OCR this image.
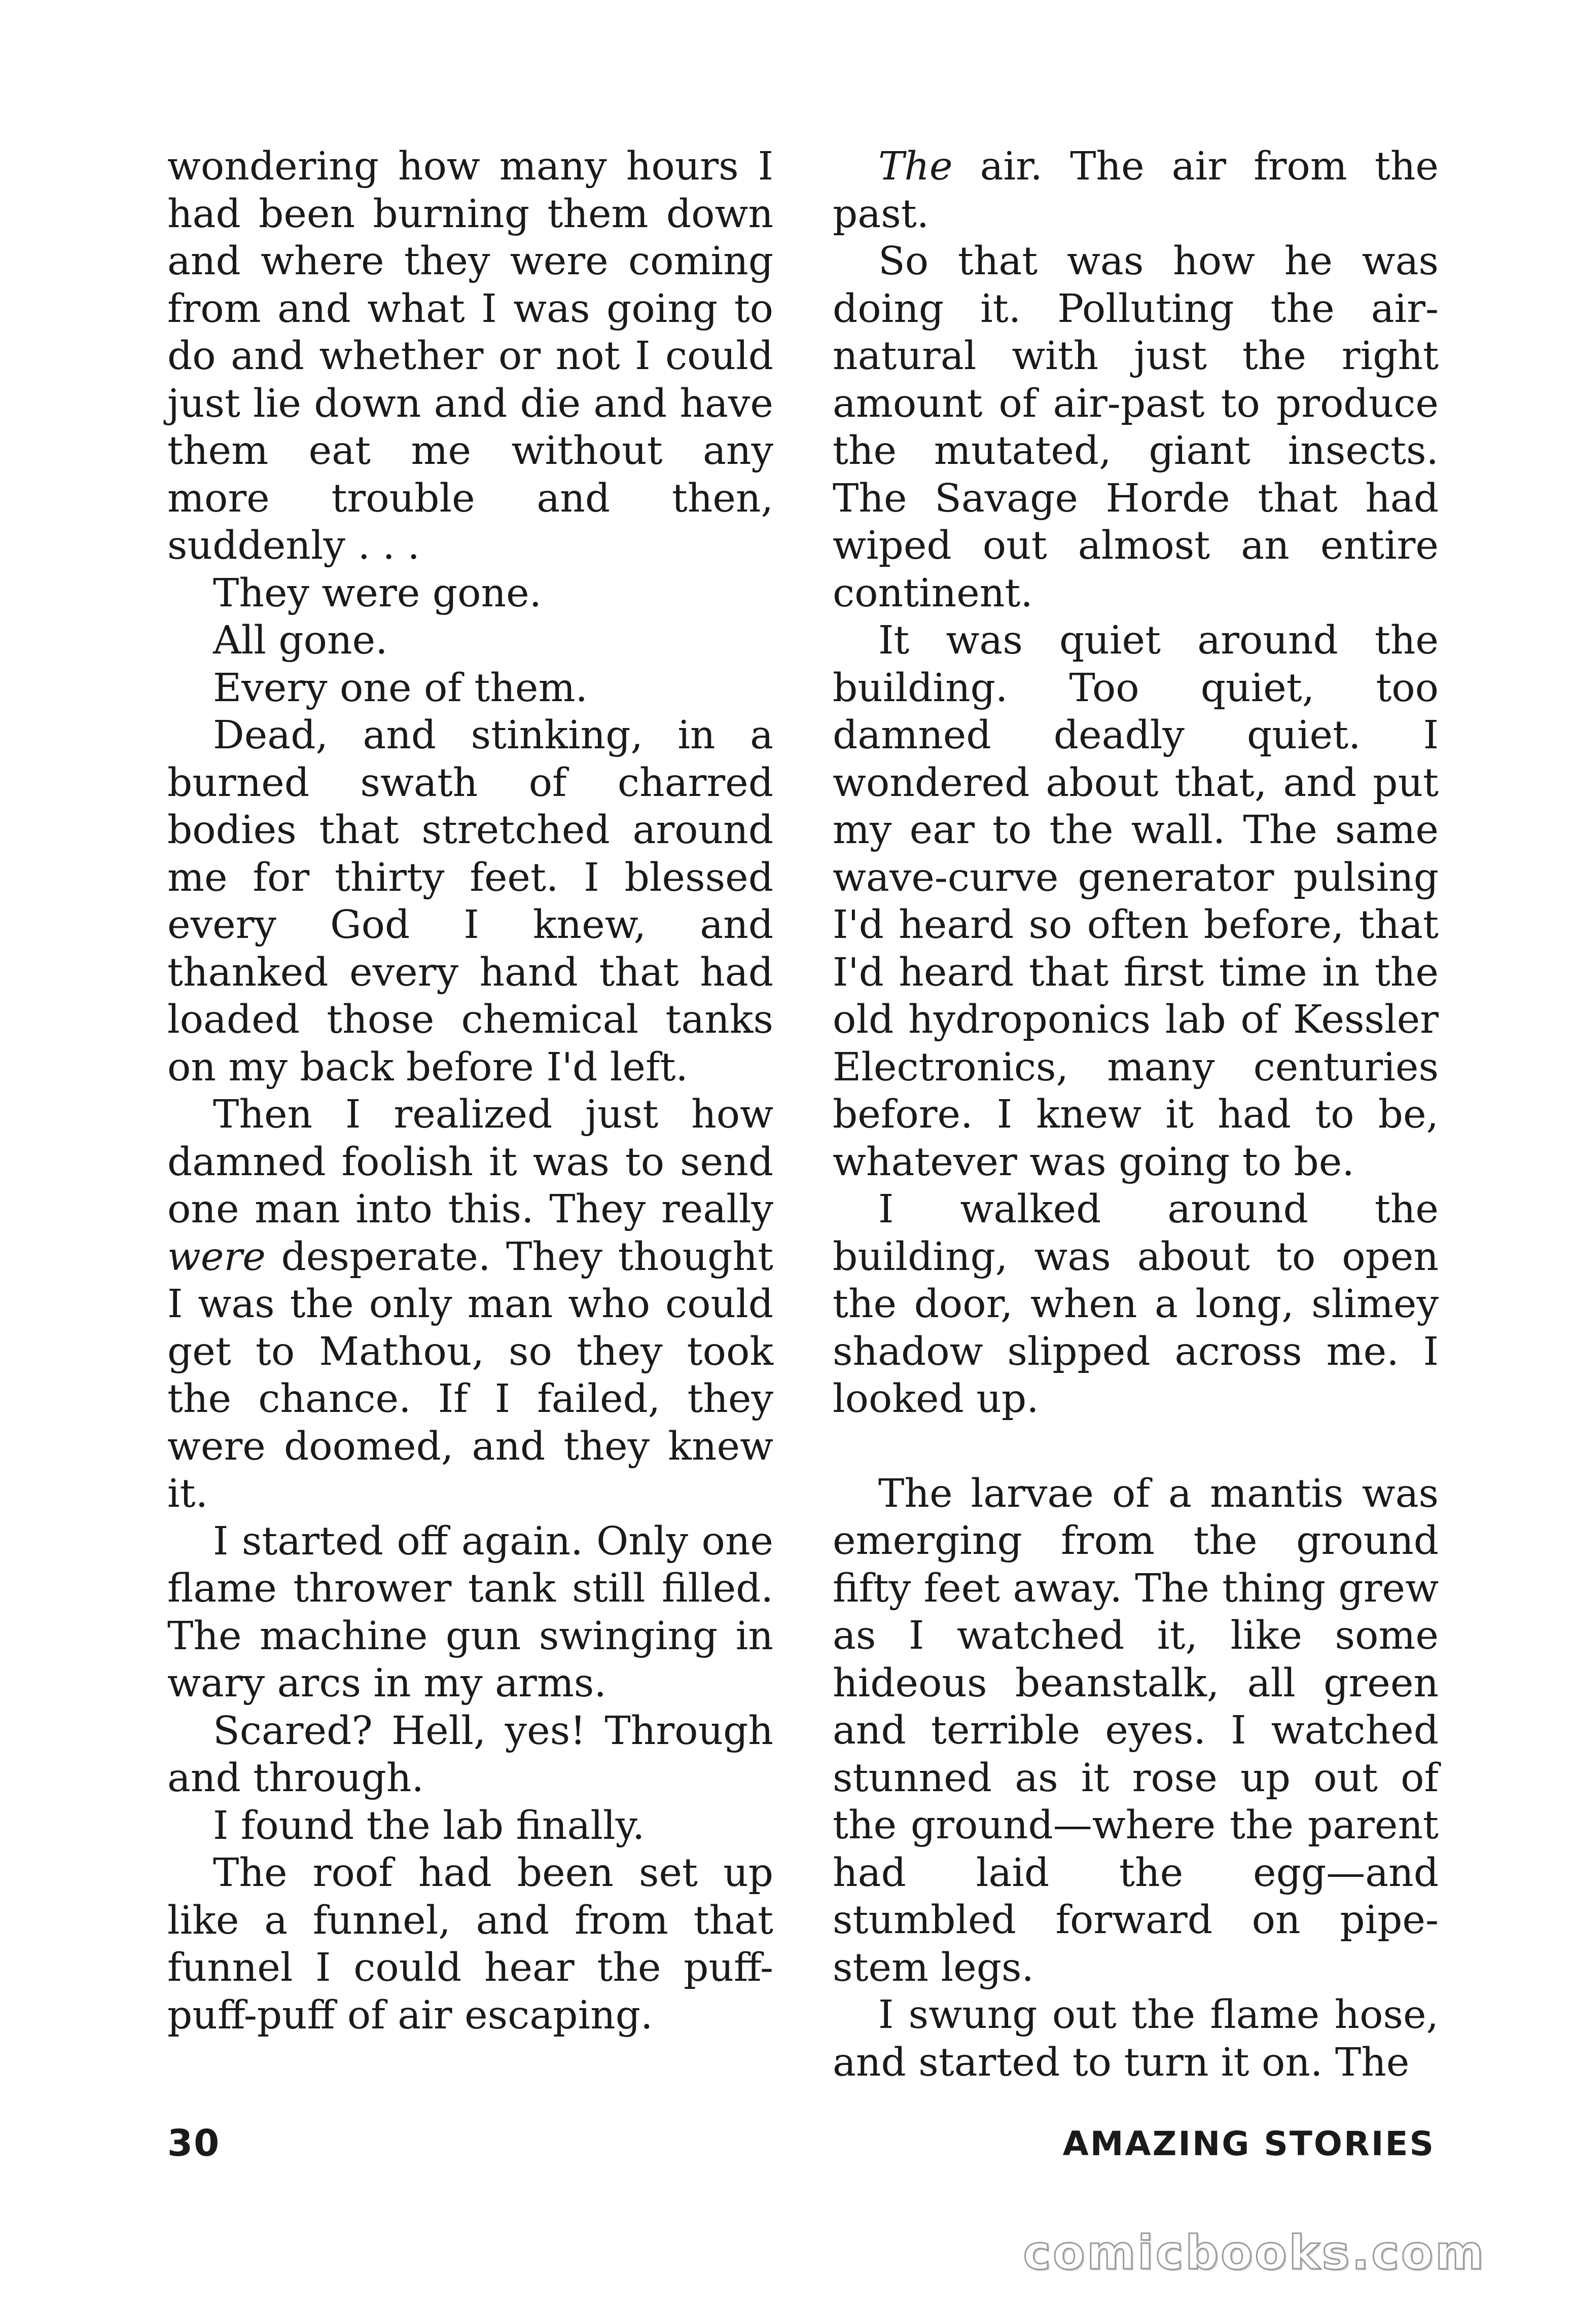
wondering how many hours I had been burning them down and where they were coming from and what I was going to do and whether or not I could just lie down and die and have them eat me without any more trouble and then, suddenly . . .

They were gone.

All gone.

Every one of them.

Dead, and stinking, in a burned swath of charred bodies that stretched around me for thirty feet. I blessed every God I knew, and thanked every hand that had loaded those chemical tanks on my back before I'd left.

Then I realized just how damned foolish it was to send one man into this. They really were desperate. They thought I was the only man who could get to Mathou, so they took the chance. If I failed, they were doomed, and they knew it.

I started off again. Only one flame thrower tank still filled. The machine gun swinging in wary arcs in my arms.

Scared? Hell, yes! Through and through.

I found the lab finally.

The roof had been set up like a funnel, and from that funnel I could hear the puff-puff-puff of air escaping.

The air. The air from the past.

So that was how he was doing it. Polluting the air-natural with just the right amount of air-past to produce the mutated, giant insects. The Savage Horde that had wiped out almost an entire continent.

It was quiet around the building. Too quiet, too damned deadly quiet. I wondered about that, and put my ear to the wall. The same wave-curve generator pulsing I'd heard so often before, that I'd heard that first time in the old hydroponics lab of Kessler Electronics, many centuries before. I knew it had to be, whatever was going to be.

I walked around the building, was about to open the door, when a long, slimey shadow slipped across me. I looked up.

The larvae of a mantis was emerging from the ground fifty feet away. The thing grew as I watched it, like some hideous beanstalk, all green and terrible eyes. I watched stunned as it rose up out of the ground—where the parent had laid the egg—and stumbled forward on pipe-stem legs.

I swung out the flame hose, and started to turn it on. The

30	AMAZING STORIES
comicbooks.com
